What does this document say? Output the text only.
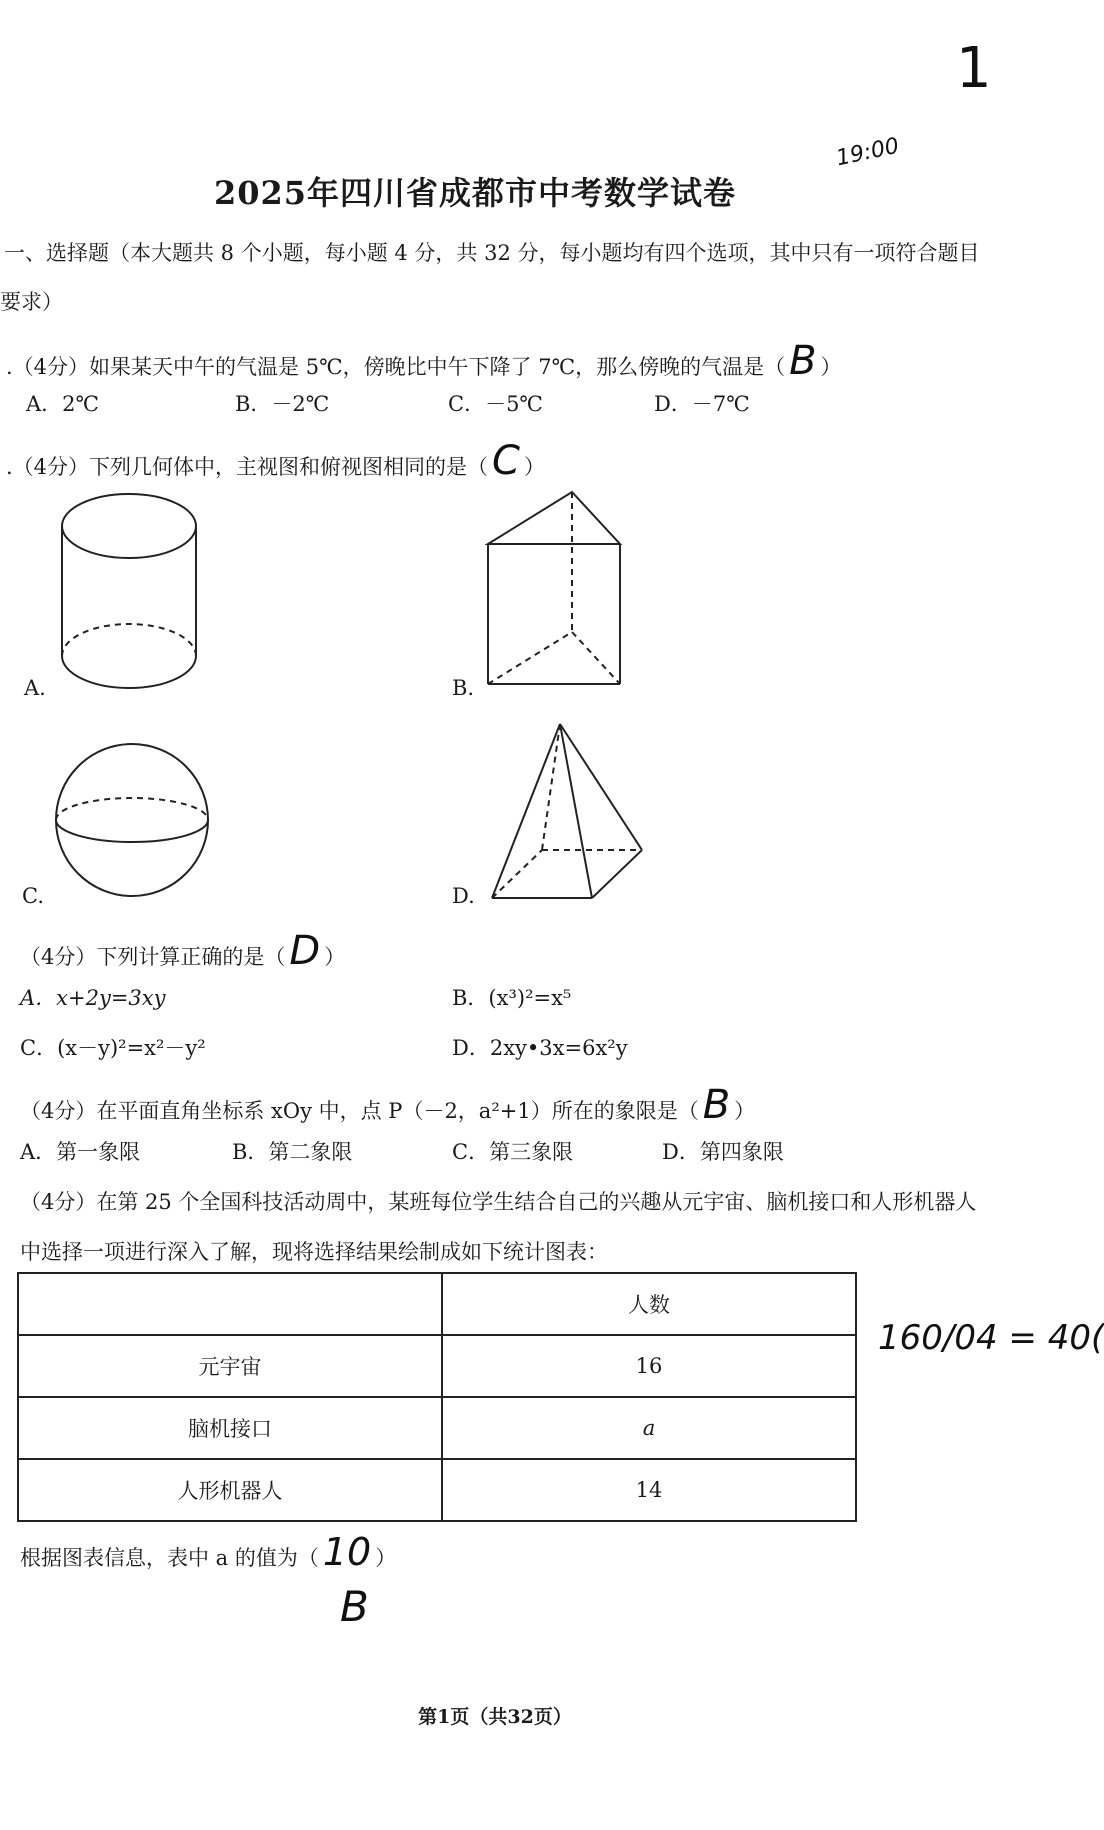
1
19:00
2025年四川省成都市中考数学试卷
一、选择题（本大题共 8 个小题，每小题 4 分，共 32 分，每小题均有四个选项，其中只有一项符合题目
要求）
.（4分）如果某天中午的气温是 5℃，傍晚比中午下降了 7℃，那么傍晚的气温是（ B ）
A．2℃	B．－2℃	C．－5℃	D．－7℃
.（4分）下列几何体中，主视图和俯视图相同的是（ C ）
A.	B.
C.	D.
（4分）下列计算正确的是（ D ）
A．x+2y=3xy	B．(x³)²=x⁵
C．(x－y)²=x²－y²	D．2xy•3x=6x²y
（4分）在平面直角坐标系 xOy 中，点 P（－2，a²+1）所在的象限是（ B ）
A．第一象限	B．第二象限	C．第三象限	D．第四象限
（4分）在第 25 个全国科技活动周中，某班每位学生结合自己的兴趣从元宇宙、脑机接口和人形机器人
中选择一项进行深入了解，现将选择结果绘制成如下统计图表：
	人数
元宇宙	16
脑机接口	a
人形机器人	14
160/04 = 40(
根据图表信息，表中 a 的值为（ 10 ）
B
第1页（共32页）
